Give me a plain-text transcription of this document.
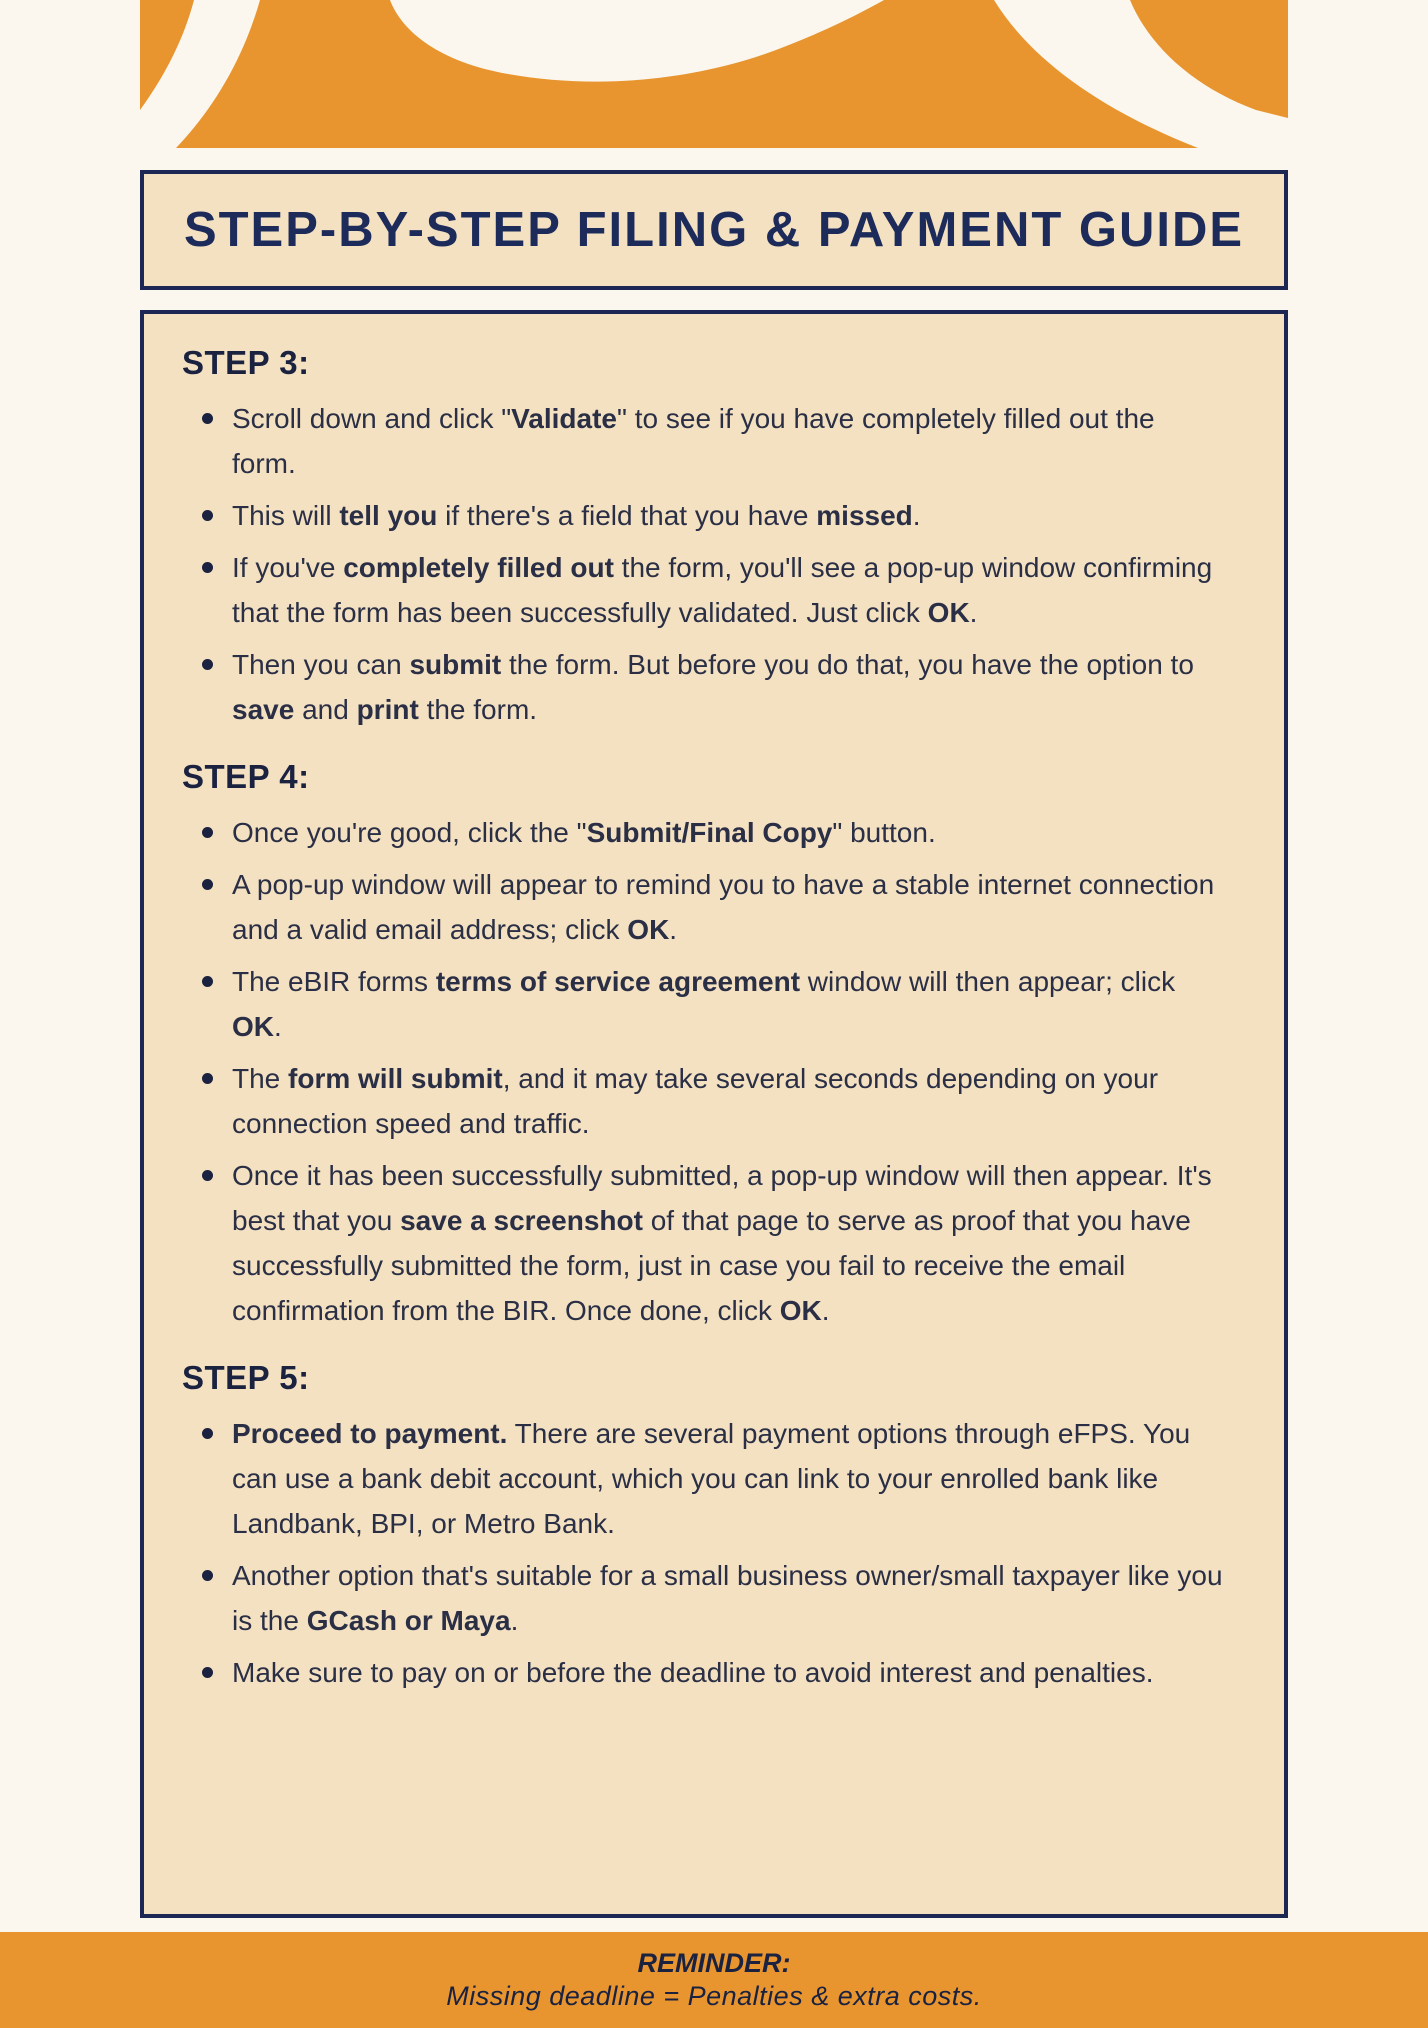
STEP-BY-STEP FILING & PAYMENT GUIDE
STEP 3:
Scroll down and click "Validate" to see if you have completely filled out the form.
This will tell you if there's a field that you have missed.
If you've completely filled out the form, you'll see a pop-up window confirming that the form has been successfully validated. Just click OK.
Then you can submit the form. But before you do that, you have the option to save and print the form.
STEP 4:
Once you're good, click the "Submit/Final Copy" button.
A pop-up window will appear to remind you to have a stable internet connection and a valid email address; click OK.
The eBIR forms terms of service agreement window will then appear; click OK.
The form will submit, and it may take several seconds depending on your connection speed and traffic.
Once it has been successfully submitted, a pop-up window will then appear. It's best that you save a screenshot of that page to serve as proof that you have successfully submitted the form, just in case you fail to receive the email confirmation from the BIR. Once done, click OK.
STEP 5:
Proceed to payment. There are several payment options through eFPS. You can use a bank debit account, which you can link to your enrolled bank like Landbank, BPI, or Metro Bank.
Another option that's suitable for a small business owner/small taxpayer like you is the GCash or Maya.
Make sure to pay on or before the deadline to avoid interest and penalties.
REMINDER:
Missing deadline = Penalties & extra costs.
